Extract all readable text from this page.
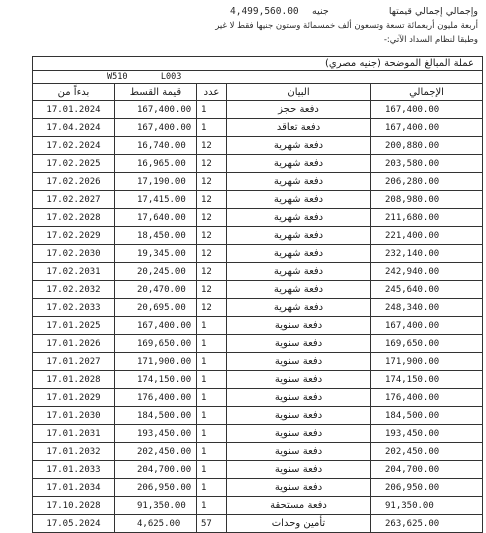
وإجمالي إجمالي قيمتها
4,499,560.00 جنيه
أربعة مليون أربعمائة تسعة وتسعون ألف خمسمائة وستون جنيها فقط لا غير
وطبقا لنظام السداد الآتي:-
عملة المبالغ الموضحة (جنيه مصري)				
W510 L003				
بدءاً من	قيمة القسط	عدد	البيان	الإجمالي
17.01.2024	167,400.00	1	دفعة حجز	167,400.00
17.04.2024	167,400.00	1	دفعة تعاقد	167,400.00
17.02.2024	16,740.00	12	دفعة شهرية	200,880.00
17.02.2025	16,965.00	12	دفعة شهرية	203,580.00
17.02.2026	17,190.00	12	دفعة شهرية	206,280.00
17.02.2027	17,415.00	12	دفعة شهرية	208,980.00
17.02.2028	17,640.00	12	دفعة شهرية	211,680.00
17.02.2029	18,450.00	12	دفعة شهرية	221,400.00
17.02.2030	19,345.00	12	دفعة شهرية	232,140.00
17.02.2031	20,245.00	12	دفعة شهرية	242,940.00
17.02.2032	20,470.00	12	دفعة شهرية	245,640.00
17.02.2033	20,695.00	12	دفعة شهرية	248,340.00
17.01.2025	167,400.00	1	دفعة سنوية	167,400.00
17.01.2026	169,650.00	1	دفعة سنوية	169,650.00
17.01.2027	171,900.00	1	دفعة سنوية	171,900.00
17.01.2028	174,150.00	1	دفعة سنوية	174,150.00
17.01.2029	176,400.00	1	دفعة سنوية	176,400.00
17.01.2030	184,500.00	1	دفعة سنوية	184,500.00
17.01.2031	193,450.00	1	دفعة سنوية	193,450.00
17.01.2032	202,450.00	1	دفعة سنوية	202,450.00
17.01.2033	204,700.00	1	دفعة سنوية	204,700.00
17.01.2034	206,950.00	1	دفعة سنوية	206,950.00
17.10.2028	91,350.00	1	دفعة مستحقة	91,350.00
17.05.2024	4,625.00	57	تأمين وحدات	263,625.00
